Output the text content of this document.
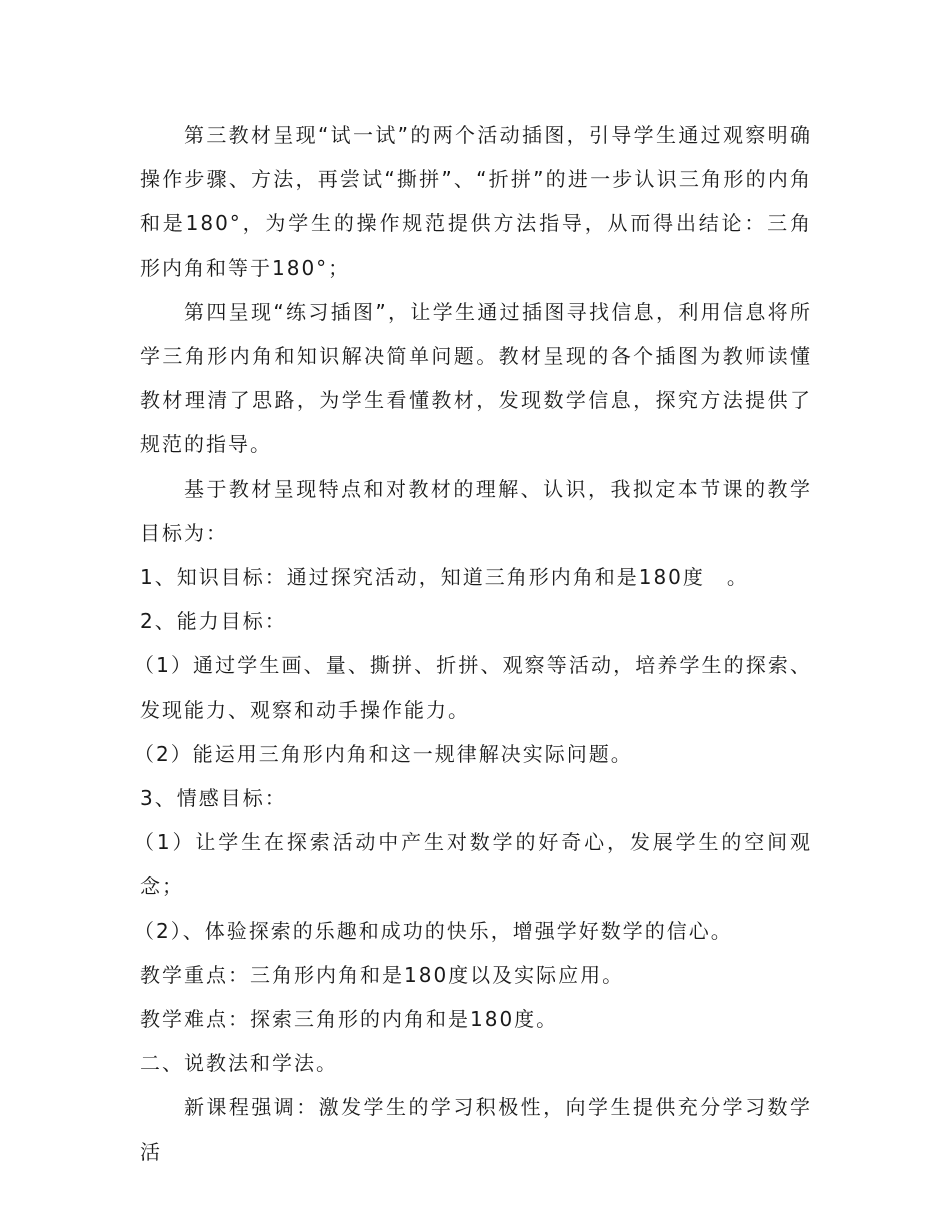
第三教材呈现“试一试”的两个活动插图，引导学生通过观察明确操作步骤、方法，再尝试“撕拼”、“折拼”的进一步认识三角形的内角和是180°，为学生的操作规范提供方法指导，从而得出结论：三角形内角和等于180°；

第四呈现“练习插图”，让学生通过插图寻找信息，利用信息将所学三角形内角和知识解决简单问题。教材呈现的各个插图为教师读懂教材理清了思路，为学生看懂教材，发现数学信息，探究方法提供了规范的指导。

基于教材呈现特点和对教材的理解、认识，我拟定本节课的教学目标为：

1、知识目标：通过探究活动，知道三角形内角和是180度　。

2、能力目标：

（1）通过学生画、量、撕拼、折拼、观察等活动，培养学生的探索、发现能力、观察和动手操作能力。

（2）能运用三角形内角和这一规律解决实际问题。

3、情感目标：

（1）让学生在探索活动中产生对数学的好奇心，发展学生的空间观念；

（2）、体验探索的乐趣和成功的快乐，增强学好数学的信心。

教学重点：三角形内角和是180度以及实际应用。

教学难点：探索三角形的内角和是180度。

二、说教法和学法。

新课程强调：激发学生的学习积极性，向学生提供充分学习数学活
